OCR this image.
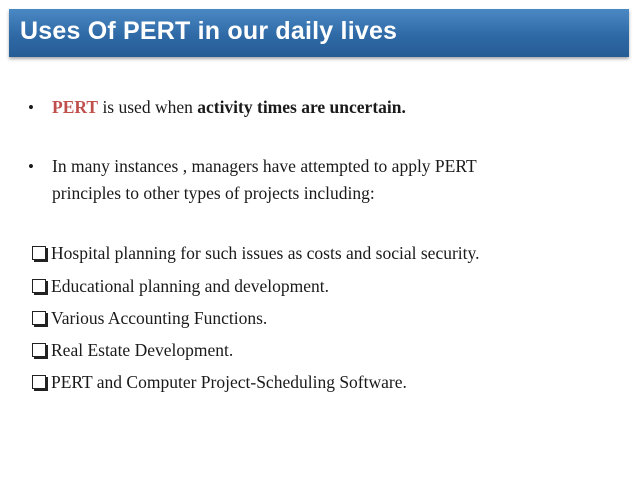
Uses Of PERT in our daily lives
• PERT is used when activity times are uncertain.
• In many instances , managers have attempted to apply PERT
principles to other types of projects including:
Hospital planning for such issues as costs and social security.
Educational planning and development.
Various Accounting Functions.
Real Estate Development.
PERT and Computer Project-Scheduling Software.
